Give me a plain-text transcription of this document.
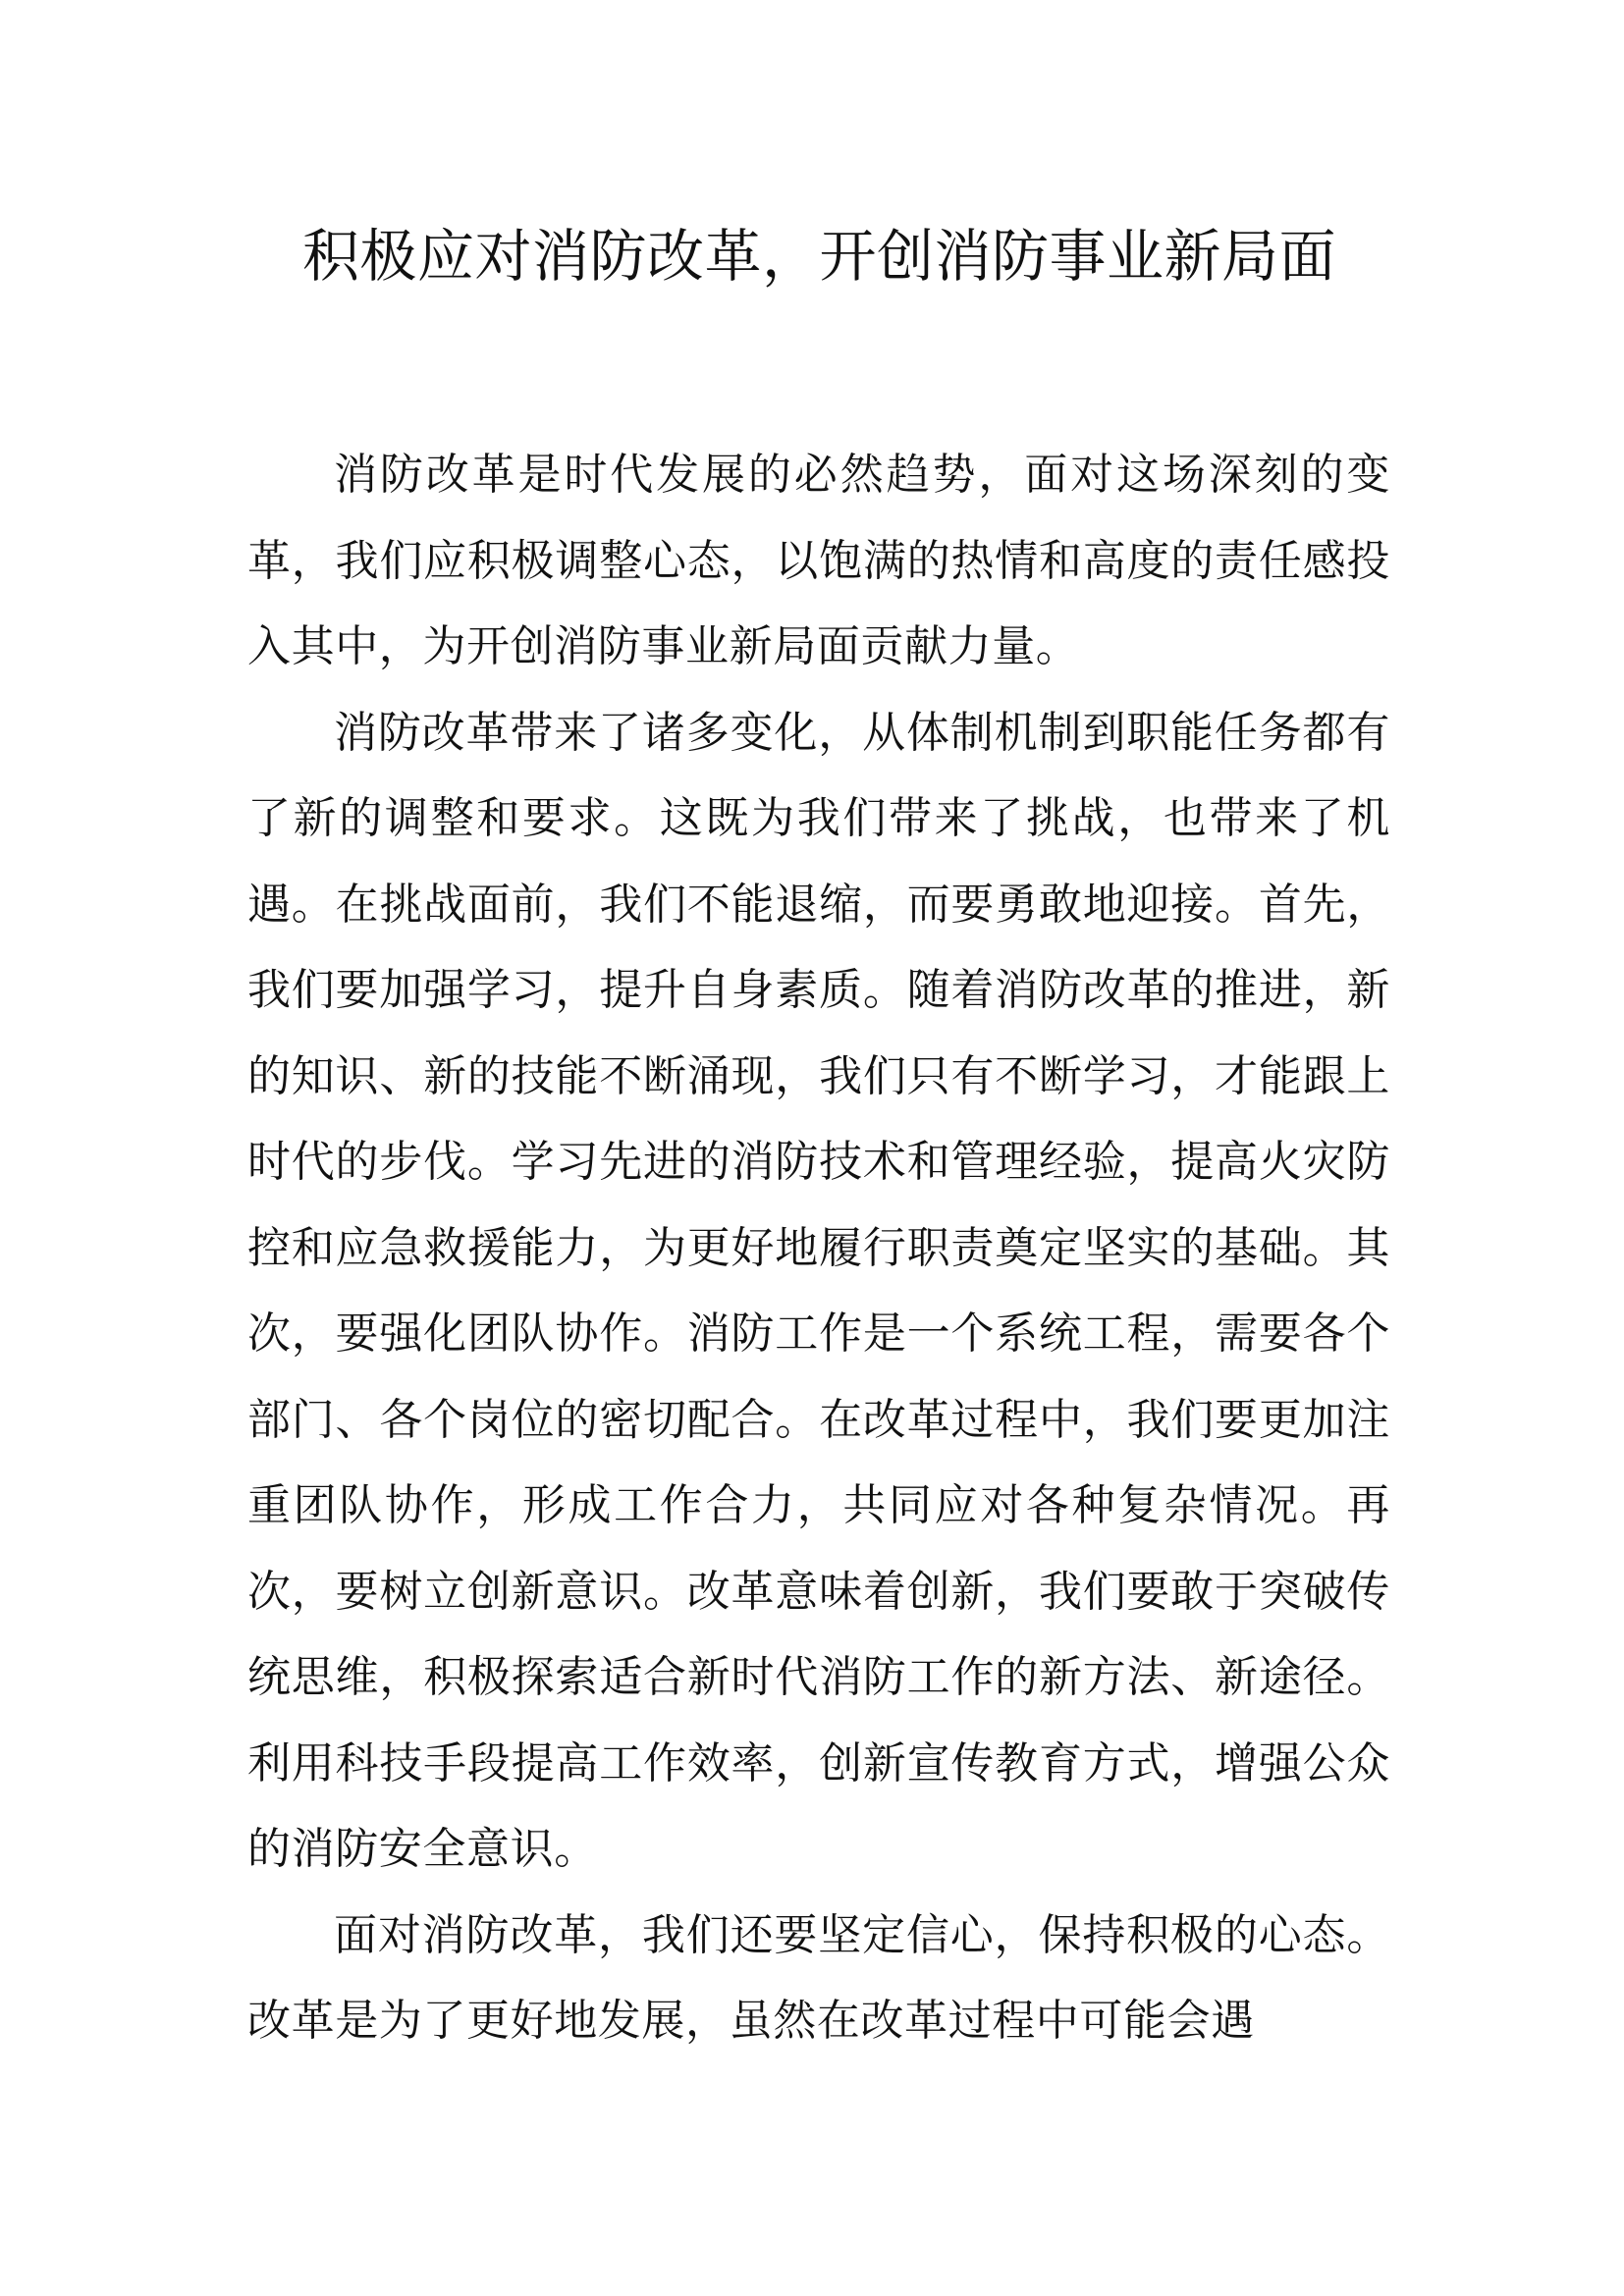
积极应对消防改革，开创消防事业新局面

消防改革是时代发展的必然趋势，面对这场深刻的变革，我们应积极调整心态，以饱满的热情和高度的责任感投入其中，为开创消防事业新局面贡献力量。

消防改革带来了诸多变化，从体制机制到职能任务都有了新的调整和要求。这既为我们带来了挑战，也带来了机遇。在挑战面前，我们不能退缩，而要勇敢地迎接。首先，我们要加强学习，提升自身素质。随着消防改革的推进，新的知识、新的技能不断涌现，我们只有不断学习，才能跟上时代的步伐。学习先进的消防技术和管理经验，提高火灾防控和应急救援能力，为更好地履行职责奠定坚实的基础。其次，要强化团队协作。消防工作是一个系统工程，需要各个部门、各个岗位的密切配合。在改革过程中，我们要更加注重团队协作，形成工作合力，共同应对各种复杂情况。再次，要树立创新意识。改革意味着创新，我们要敢于突破传统思维，积极探索适合新时代消防工作的新方法、新途径。利用科技手段提高工作效率，创新宣传教育方式，增强公众的消防安全意识。

面对消防改革，我们还要坚定信心，保持积极的心态。改革是为了更好地发展，虽然在改革过程中可能会遇
